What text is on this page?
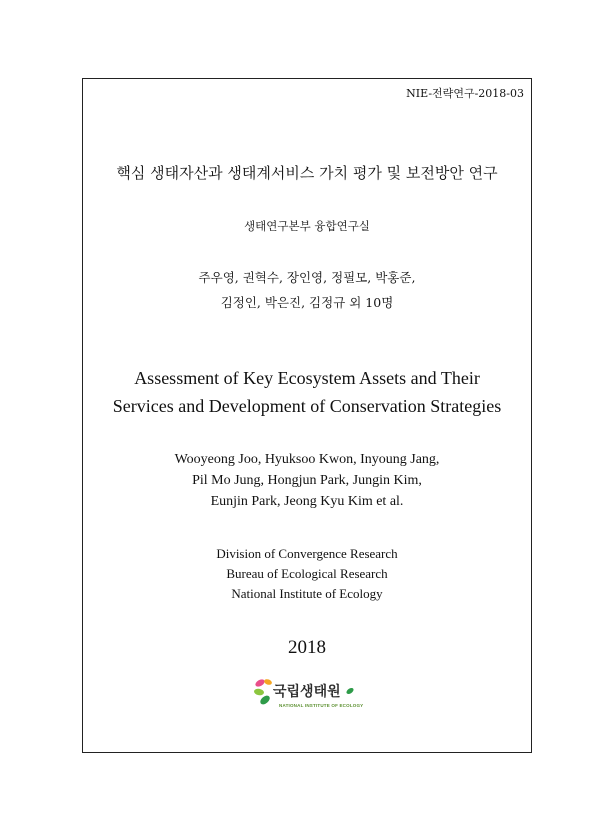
NIE-전략연구-2018-03
핵심 생태자산과 생태계서비스 가치 평가 및 보전방안 연구
생태연구본부 융합연구실
주우영, 권혁수, 장인영, 정필모, 박홍준,
김정인, 박은진, 김정규 외 10명
Assessment of Key Ecosystem Assets and Their
Services and Development of Conservation Strategies
Wooyeong Joo, Hyuksoo Kwon, Inyoung Jang,
Pil Mo Jung, Hongjun Park, Jungin Kim,
Eunjin Park, Jeong Kyu Kim et al.
Division of Convergence Research
Bureau of Ecological Research
National Institute of Ecology
2018
국립생태원
NATIONAL INSTITUTE OF ECOLOGY
